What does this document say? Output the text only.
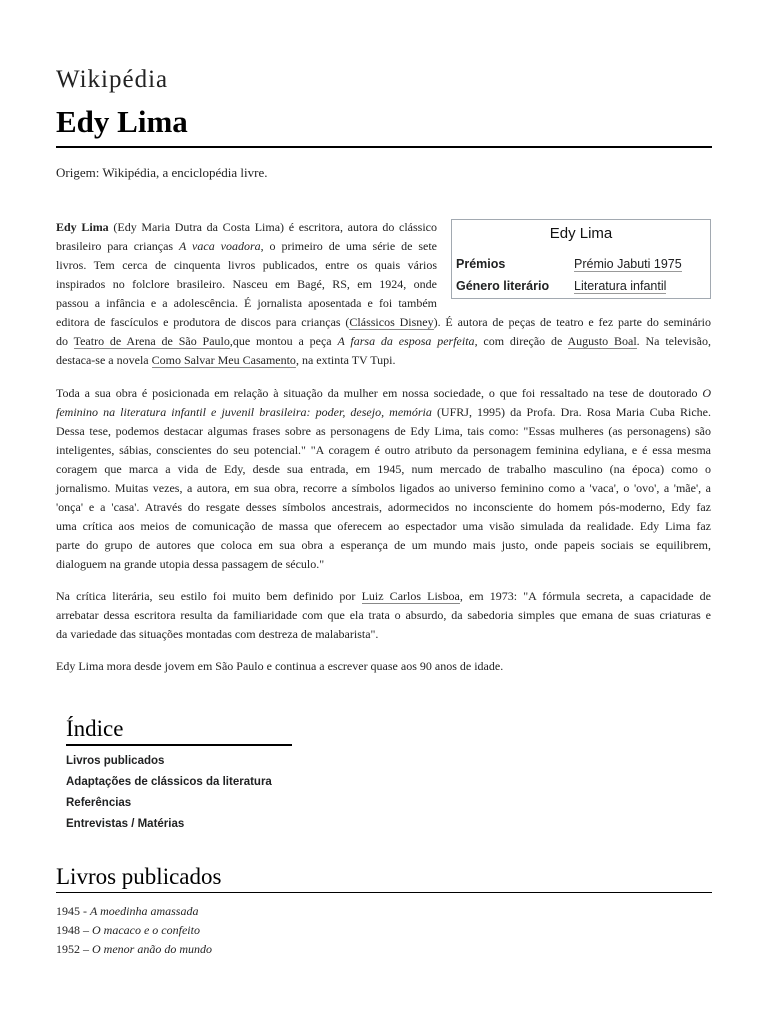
Wikipédia
Edy Lima
Origem: Wikipédia, a enciclopédia livre.
Edy Lima
Prémios	Prémio Jabuti 1975
Género literário Literatura infantil
Edy Lima (Edy Maria Dutra da Costa Lima) é escritora, autora do clássico
brasileiro para crianças A vaca voadora, o primeiro de uma série de sete
livros. Tem cerca de cinquenta livros publicados, entre os quais vários
inspirados no folclore brasileiro. Nasceu em Bagé, RS, em 1924, onde
passou a infância e a adolescência. É jornalista aposentada e foi também
editora de fascículos e produtora de discos para crianças (Clássicos Disney). É autora de peças de teatro e fez parte do seminário
do Teatro de Arena de São Paulo,que montou a peça A farsa da esposa perfeita, com direção de Augusto Boal. Na televisão,
destaca-se a novela Como Salvar Meu Casamento, na extinta TV Tupi.
Toda a sua obra é posicionada em relação à situação da mulher em nossa sociedade, o que foi ressaltado na tese de doutorado O
feminino na literatura infantil e juvenil brasileira: poder, desejo, memória (UFRJ, 1995) da Profa. Dra. Rosa Maria Cuba Riche.
Dessa tese, podemos destacar algumas frases sobre as personagens de Edy Lima, tais como: "Essas mulheres (as personagens) são
inteligentes, sábias, conscientes do seu potencial." "A coragem é outro atributo da personagem feminina edyliana, e é essa mesma
coragem que marca a vida de Edy, desde sua entrada, em 1945, num mercado de trabalho masculino (na época) como o
jornalismo. Muitas vezes, a autora, em sua obra, recorre a símbolos ligados ao universo feminino como a 'vaca', o 'ovo', a 'mãe', a
'onça' e a 'casa'. Através do resgate desses símbolos ancestrais, adormecidos no inconsciente do homem pós-moderno, Edy faz
uma crítica aos meios de comunicação de massa que oferecem ao espectador uma visão simulada da realidade. Edy Lima faz
parte do grupo de autores que coloca em sua obra a esperança de um mundo mais justo, onde papeis sociais se equilibrem,
dialoguem na grande utopia dessa passagem de século."
Na crítica literária, seu estilo foi muito bem definido por Luiz Carlos Lisboa, em 1973: "A fórmula secreta, a capacidade de
arrebatar dessa escritora resulta da familiaridade com que ela trata o absurdo, da sabedoria simples que emana de suas criaturas e
da variedade das situações montadas com destreza de malabarista".
Edy Lima mora desde jovem em São Paulo e continua a escrever quase aos 90 anos de idade.
Índice
Livros publicados
Adaptações de clássicos da literatura
Referências
Entrevistas / Matérias
Livros publicados
1945 - A moedinha amassada
1948 – O macaco e o confeito
1952 – O menor anão do mundo
